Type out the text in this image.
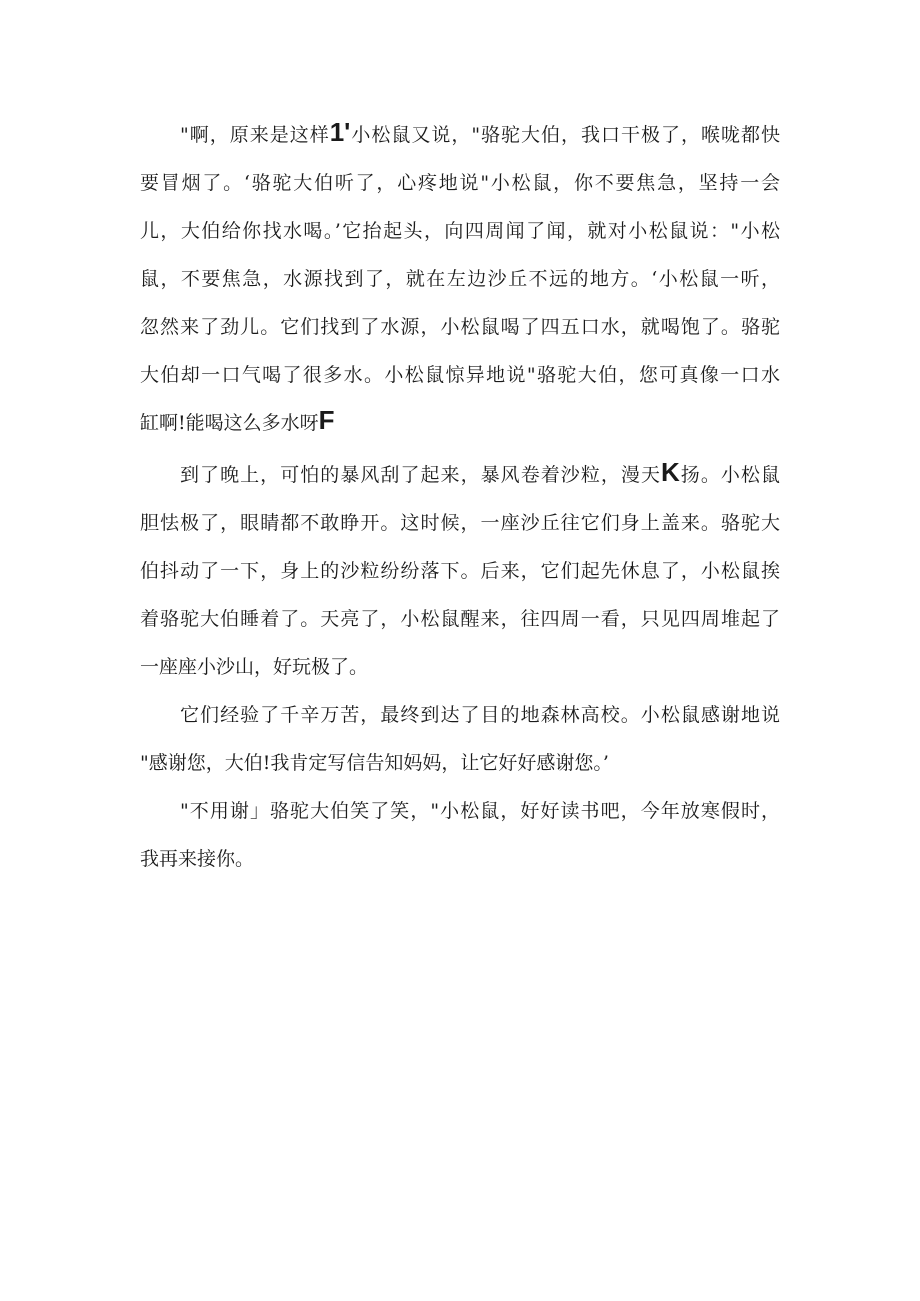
"啊，原来是这样1'小松鼠又说，"骆驼大伯，我口干极了，喉咙都快
要冒烟了。‘骆驼大伯听了，心疼地说"小松鼠，你不要焦急，坚持一会
儿，大伯给你找水喝。’它抬起头，向四周闻了闻，就对小松鼠说："小松
鼠，不要焦急，水源找到了，就在左边沙丘不远的地方。‘小松鼠一听，
忽然来了劲儿。它们找到了水源，小松鼠喝了四五口水，就喝饱了。骆驼
大伯却一口气喝了很多水。小松鼠惊异地说"骆驼大伯，您可真像一口水
缸啊!能喝这么多水呀F
到了晚上，可怕的暴风刮了起来，暴风卷着沙粒，漫天K扬。小松鼠
胆怯极了，眼睛都不敢睁开。这时候，一座沙丘往它们身上盖来。骆驼大
伯抖动了一下，身上的沙粒纷纷落下。后来，它们起先休息了，小松鼠挨
着骆驼大伯睡着了。天亮了，小松鼠醒来，往四周一看，只见四周堆起了
一座座小沙山，好玩极了。
它们经验了千辛万苦，最终到达了目的地森林高校。小松鼠感谢地说
"感谢您，大伯!我肯定写信告知妈妈，让它好好感谢您。’
"不用谢」骆驼大伯笑了笑，"小松鼠，好好读书吧，今年放寒假时，
我再来接你。
